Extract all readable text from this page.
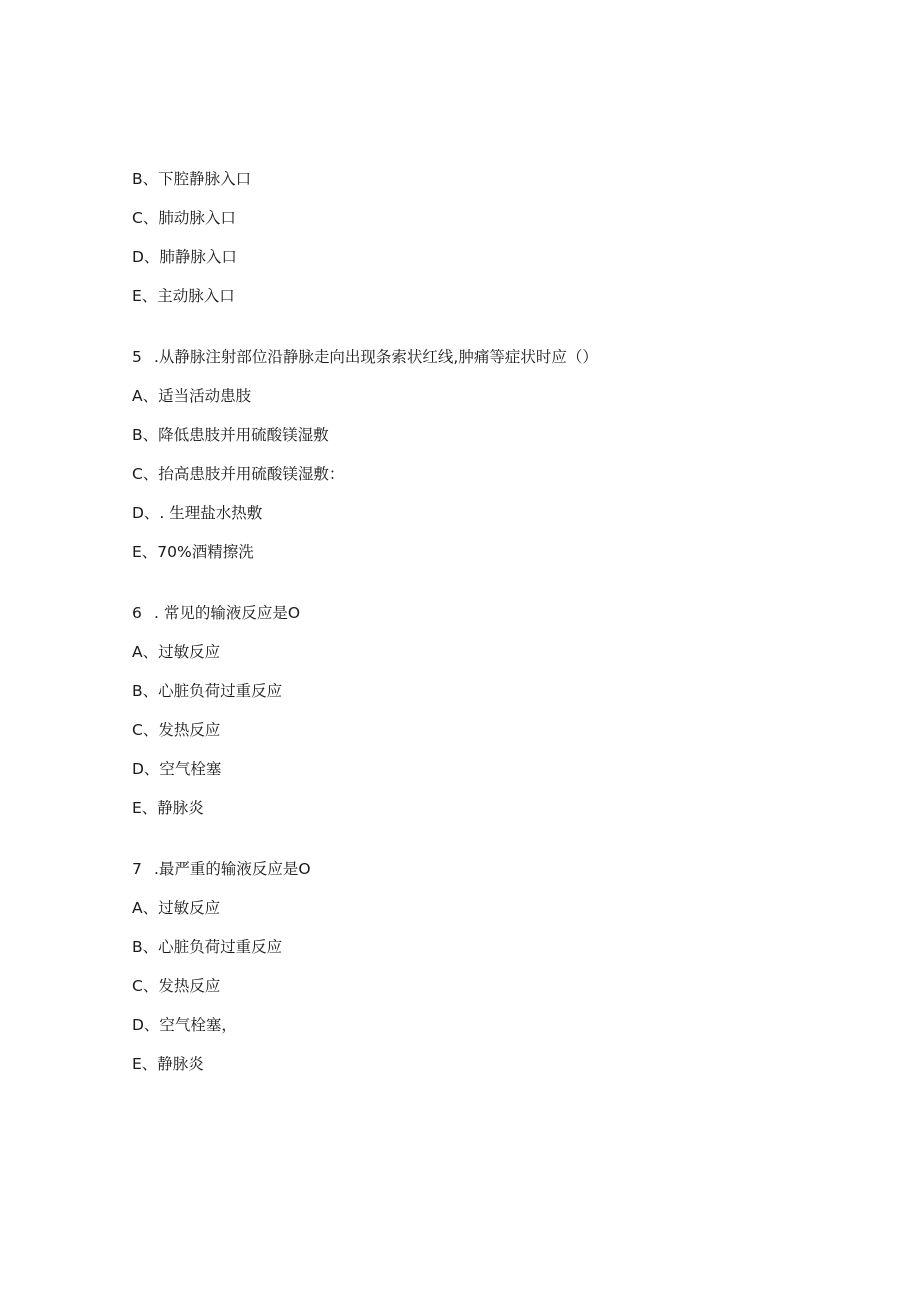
B、下腔静脉入口
C、肺动脉入口
D、肺静脉入口
E、主动脉入口
5 .从静脉注射部位沿静脉走向出现条索状红线,肿痛等症状时应（）
A、适当活动患肢
B、降低患肢并用硫酸镁湿敷
C、抬高患肢并用硫酸镁湿敷：
D、. 生理盐水热敷
E、70%酒精擦洗
6 . 常见的输液反应是O
A、过敏反应
B、心脏负荷过重反应
C、发热反应
D、空气栓塞
E、静脉炎
7 .最严重的输液反应是O
A、过敏反应
B、心脏负荷过重反应
C、发热反应
D、空气栓塞，
E、静脉炎
